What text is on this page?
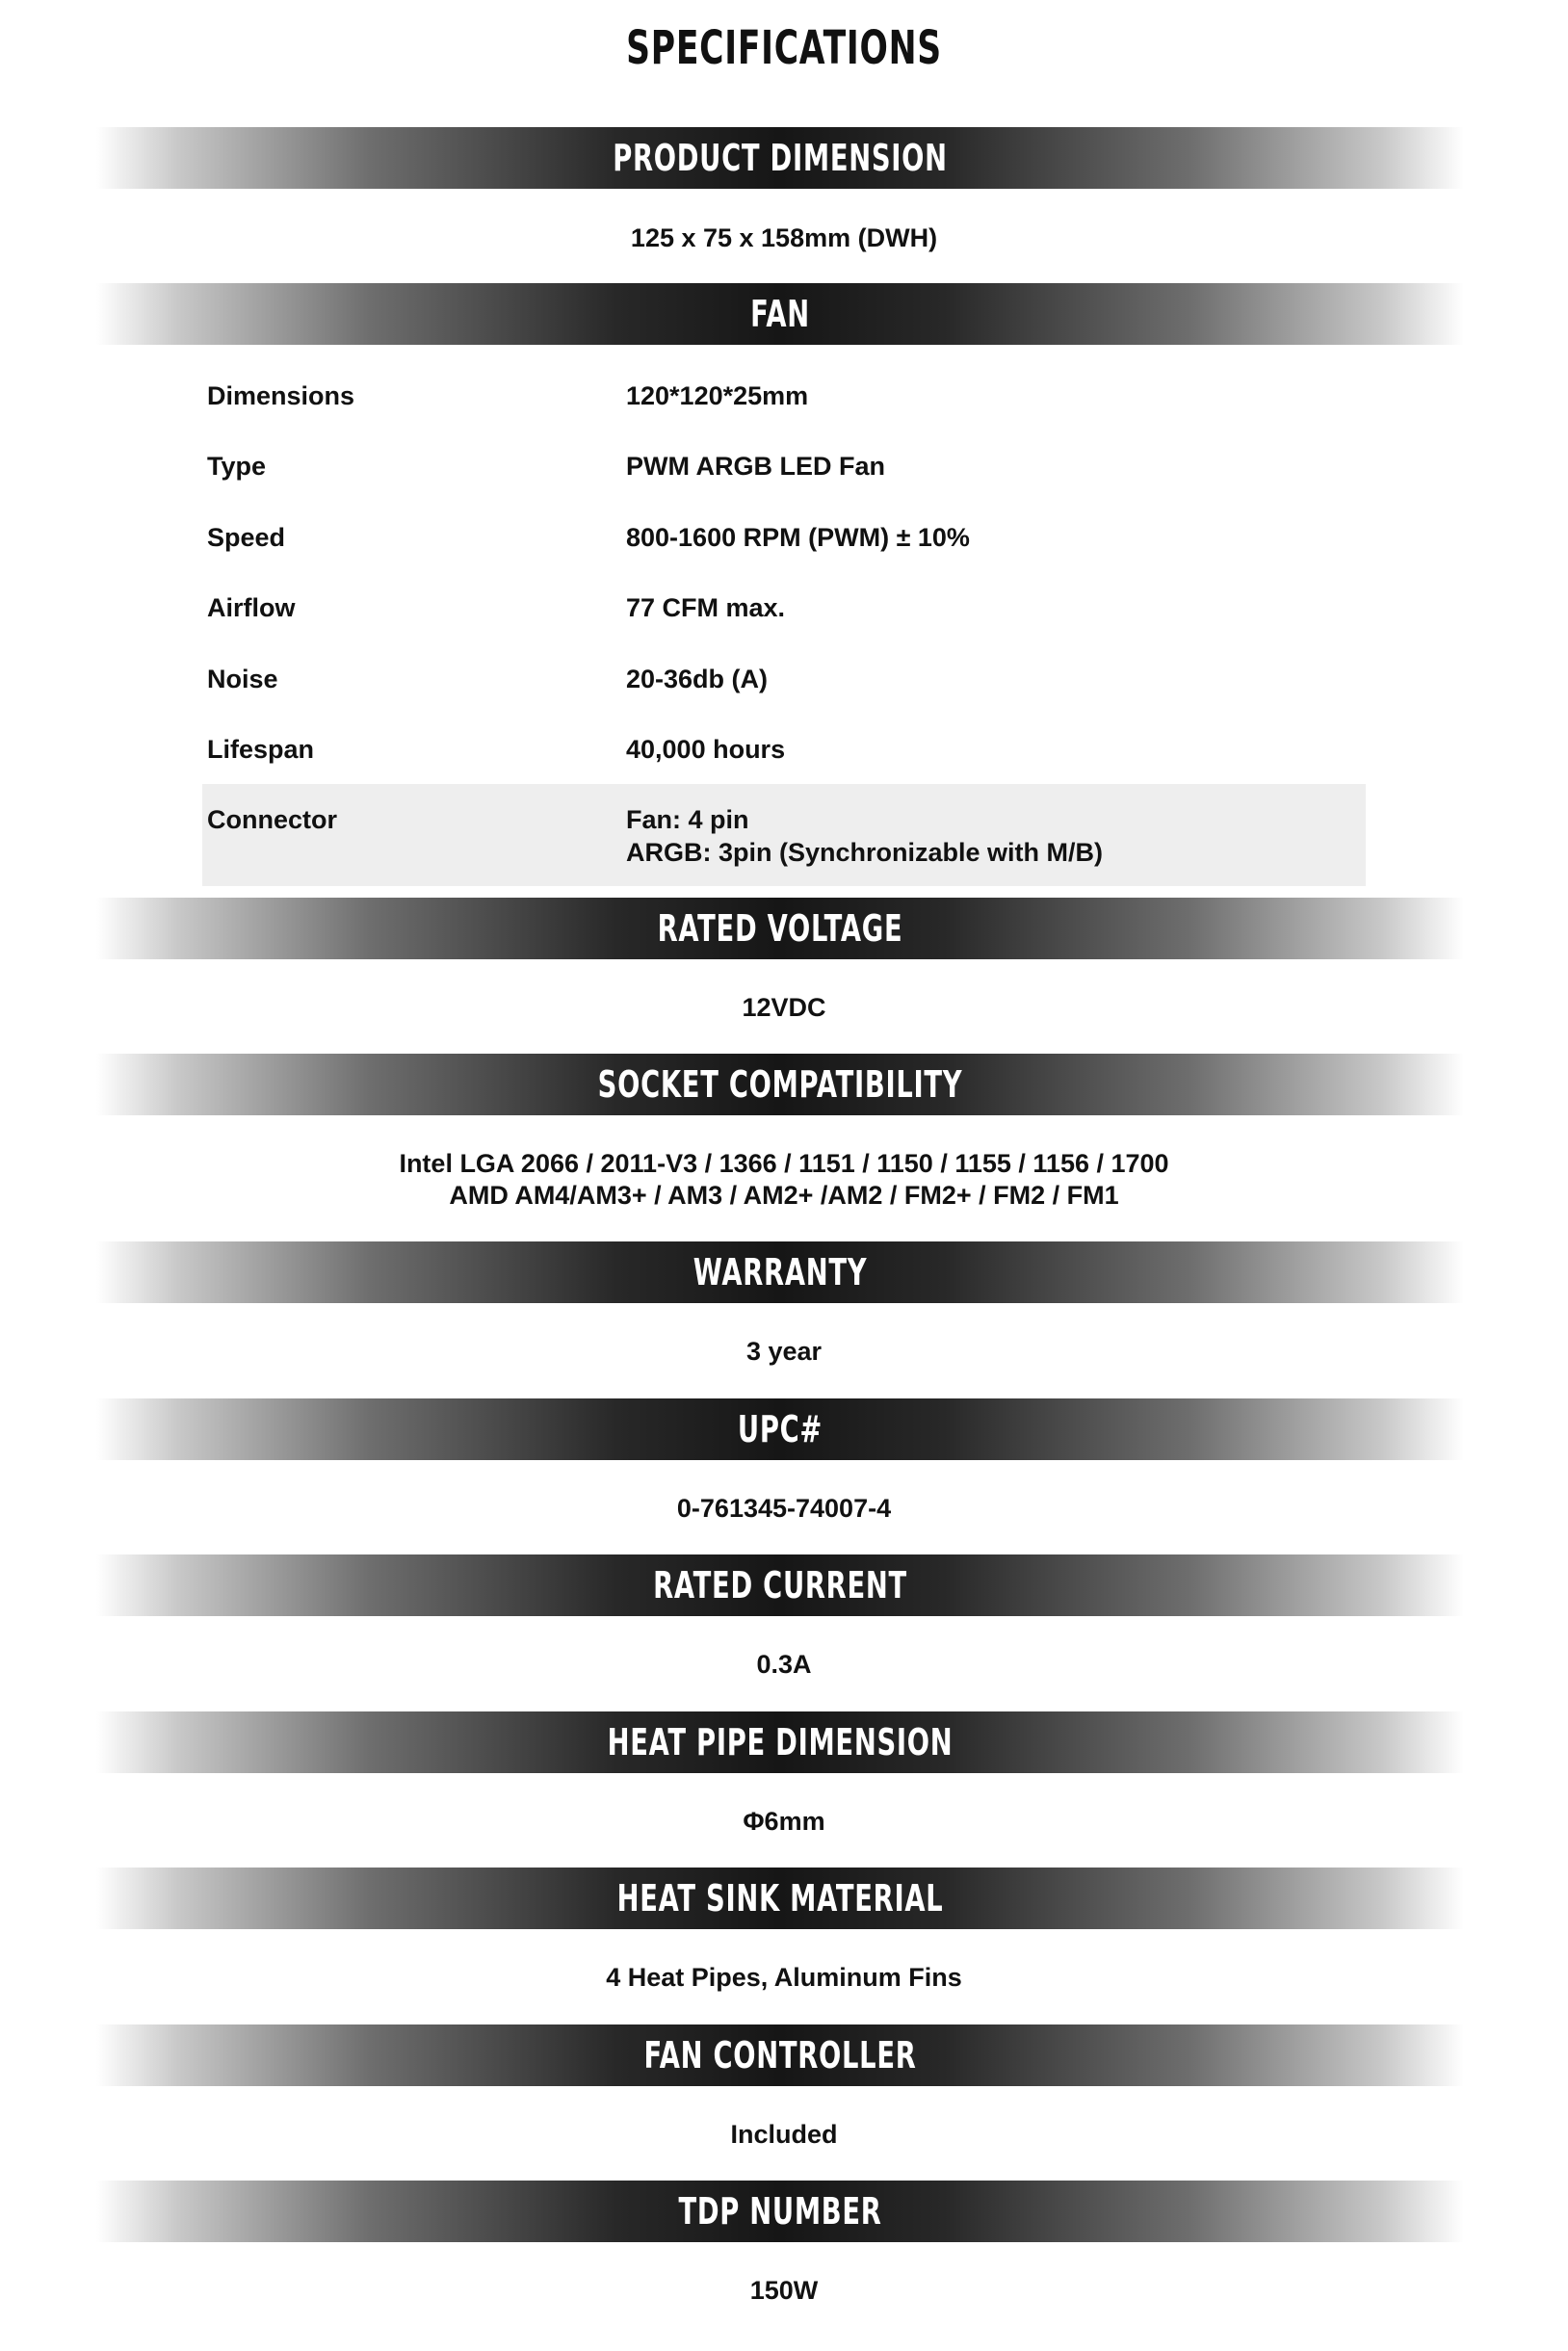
SPECIFICATIONS
PRODUCT DIMENSION
125 x 75 x 158mm (DWH)
FAN
Dimensions	120*120*25mm
Type	PWM ARGB LED Fan
Speed	800-1600 RPM (PWM) ± 10%
Airflow	77 CFM max.
Noise	20-36db (A)
Lifespan	40,000 hours
Connector	Fan: 4 pin
ARGB: 3pin (Synchronizable with M/B)
RATED VOLTAGE
12VDC
SOCKET COMPATIBILITY
Intel LGA 2066 / 2011-V3 / 1366 / 1151 / 1150 / 1155 / 1156 / 1700
AMD AM4/AM3+ / AM3 / AM2+ /AM2 / FM2+ / FM2 / FM1
WARRANTY
3 year
UPC#
0-761345-74007-4
RATED CURRENT
0.3A
HEAT PIPE DIMENSION
Φ6mm
HEAT SINK MATERIAL
4 Heat Pipes, Aluminum Fins
FAN CONTROLLER
Included
TDP NUMBER
150W
